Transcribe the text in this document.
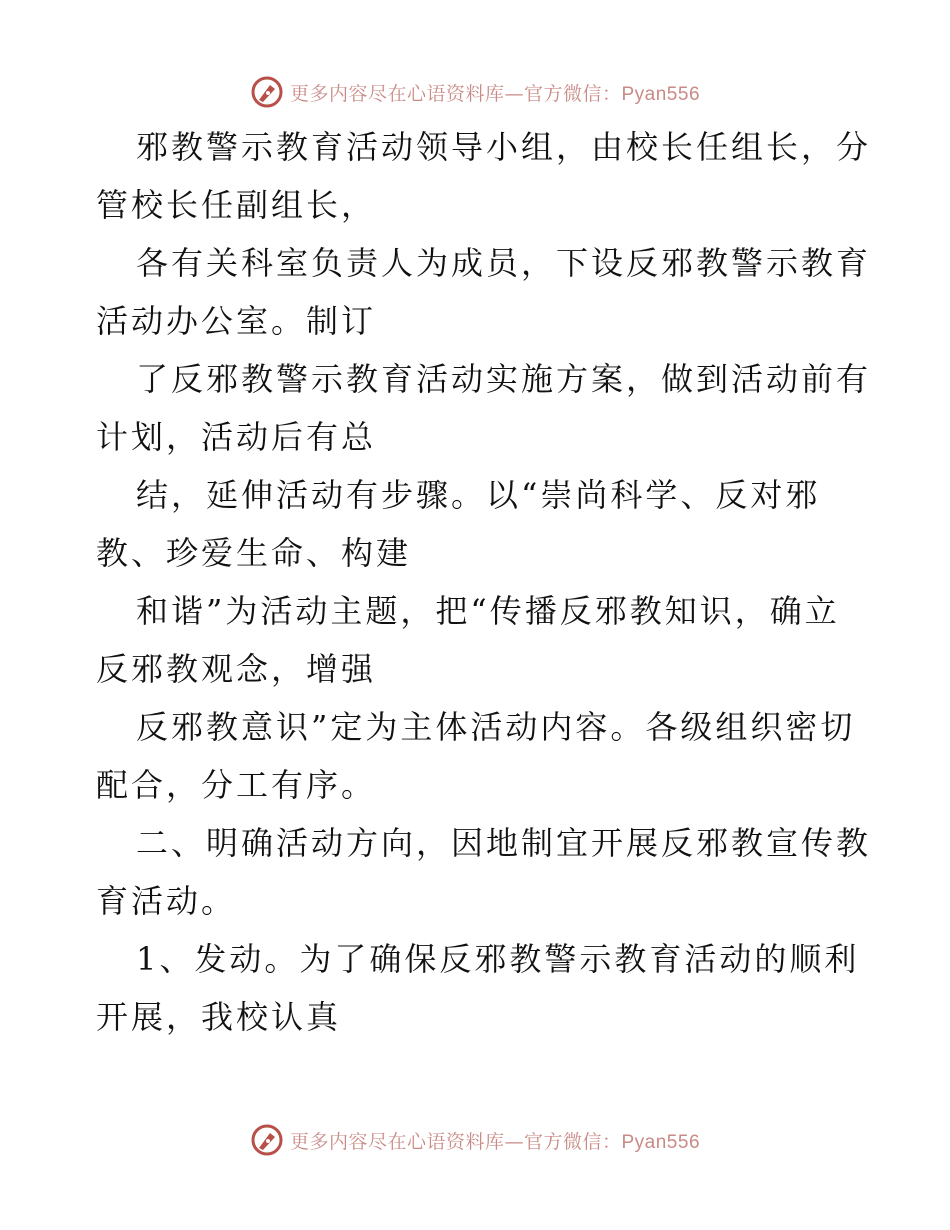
更多内容尽在心语资料库—官方微信：Pyan556

邪教警示教育活动领导小组，由校长任组长，分

管校长任副组长，

各有关科室负责人为成员，下设反邪教警示教育

活动办公室。制订

了反邪教警示教育活动实施方案，做到活动前有

计划，活动后有总

结，延伸活动有步骤。以“崇尚科学、反对邪

教、珍爱生命、构建

和谐”为活动主题，把“传播反邪教知识，确立

反邪教观念，增强

反邪教意识”定为主体活动内容。各级组织密切

配合，分工有序。

二、明确活动方向，因地制宜开展反邪教宣传教

育活动。

1、发动。为了确保反邪教警示教育活动的顺利

开展，我校认真

更多内容尽在心语资料库—官方微信：Pyan556
